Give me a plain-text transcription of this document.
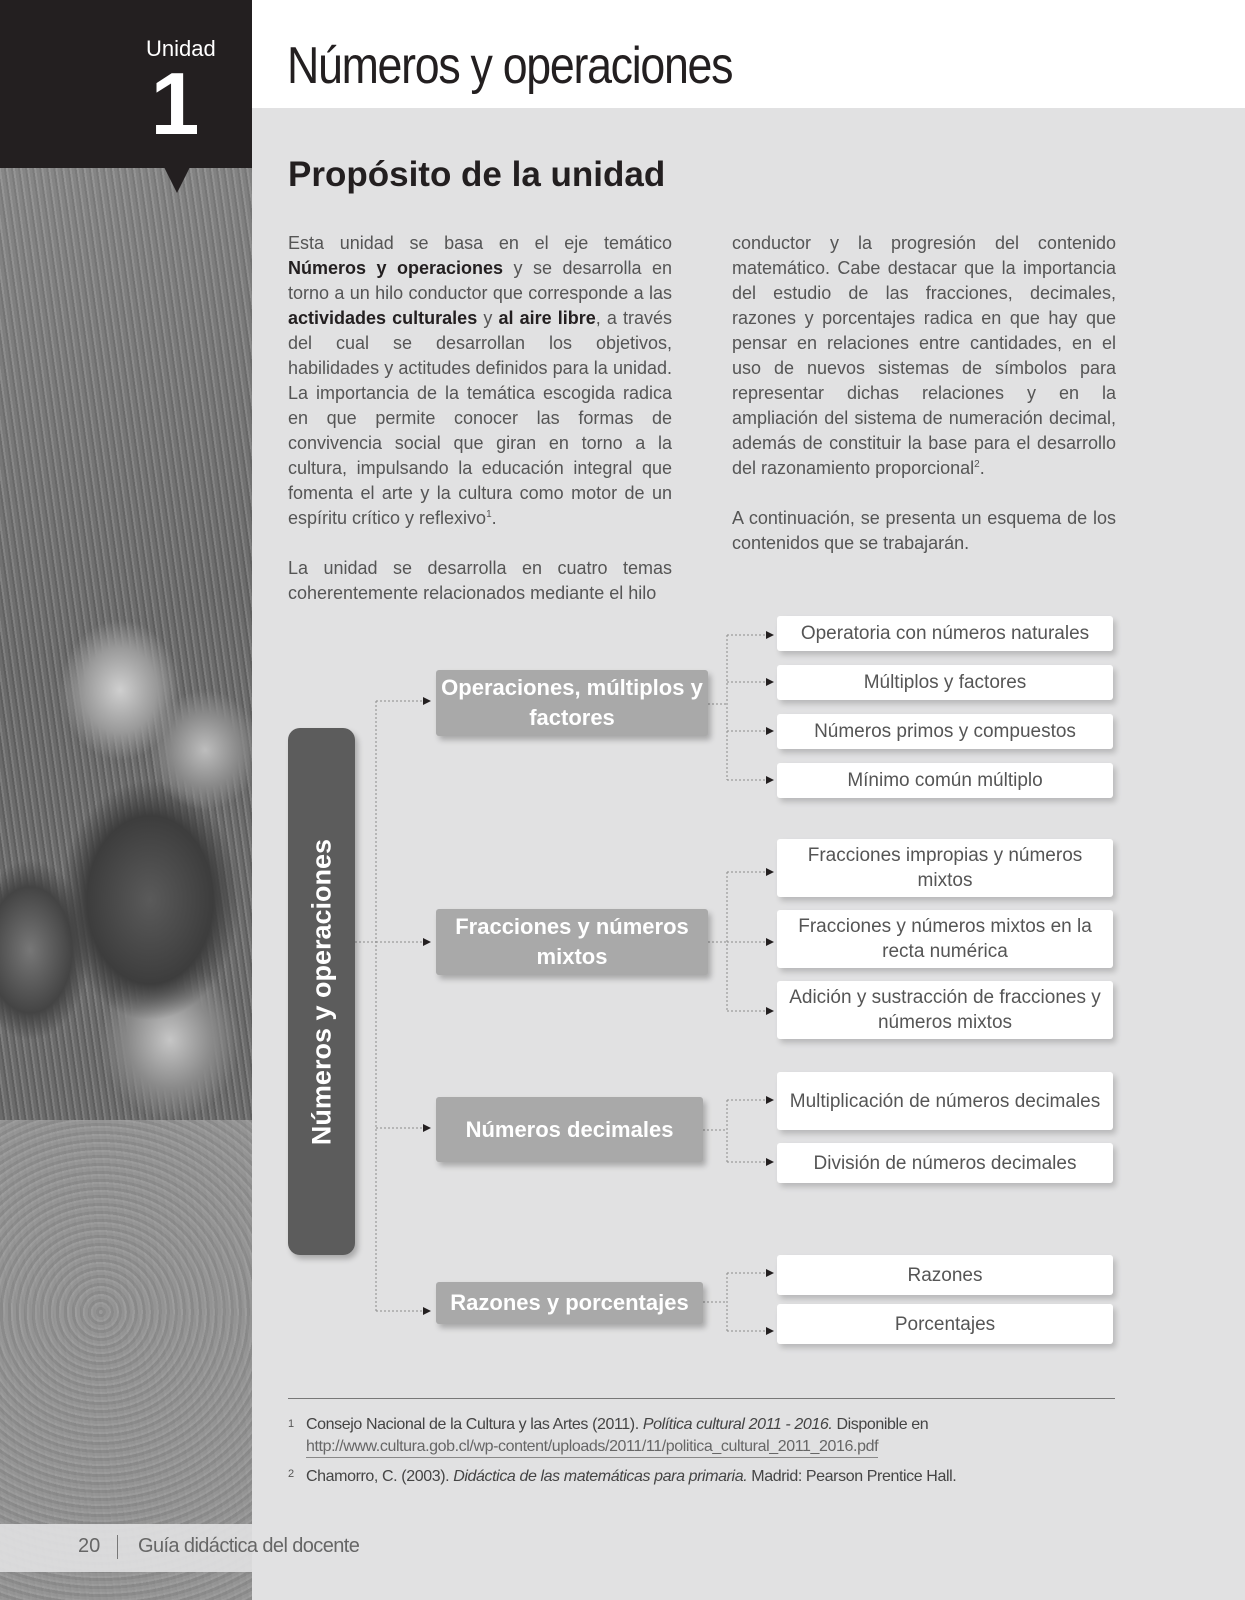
Unidad
1 Números y operaciones
Propósito de la unidad

Esta unidad se basa en el eje temático Números y operaciones y se desarrolla en torno a un hilo conductor que corresponde a las actividades culturales y al aire libre, a través del cual se desarrollan los objetivos, habilidades y actitudes definidos para la unidad. La importancia de la temática escogida radica en que permite conocer las formas de convivencia social que giran en torno a la cultura, impulsando la educación integral que fomenta el arte y la cultura como motor de un espíritu crítico y reflexivo$^1$.

La unidad se desarrolla en cuatro temas coherentemente relacionados mediante el hilo

conductor y la progresión del contenido matemático. Cabe destacar que la importancia del estudio de las fracciones, decimales, razones y porcentajes radica en que hay que pensar en relaciones entre cantidades, en el uso de nuevos sistemas de símbolos para representar dichas relaciones y en la ampliación del sistema de numeración decimal, además de constituir la base para el desarrollo del razonamiento proporcional$^2$.

A continuación, se presenta un esquema de los contenidos que se trabajarán.

Números y operaciones
Operaciones, múltiplos y factores
Fracciones y números mixtos
Números decimales
Razones y porcentajes
Operatoria con números naturales
Múltiplos y factores
Números primos y compuestos
Mínimo común múltiplo
Fracciones impropias y números mixtos
Fracciones y números mixtos en la recta numérica
Adición y sustracción de fracciones y números mixtos
Multiplicación de números decimales
División de números decimales
Razones
Porcentajes
1 Consejo Nacional de la Cultura y las Artes (2011). Política cultural 2011 - 2016. Disponible en
http://www.cultura.gob.cl/wp-content/uploads/2011/11/politica_cultural_2011_2016.pdf
2 Chamorro, C. (2003). Didáctica de las matemáticas para primaria. Madrid: Pearson Prentice Hall.
20 Guía didáctica del docente
